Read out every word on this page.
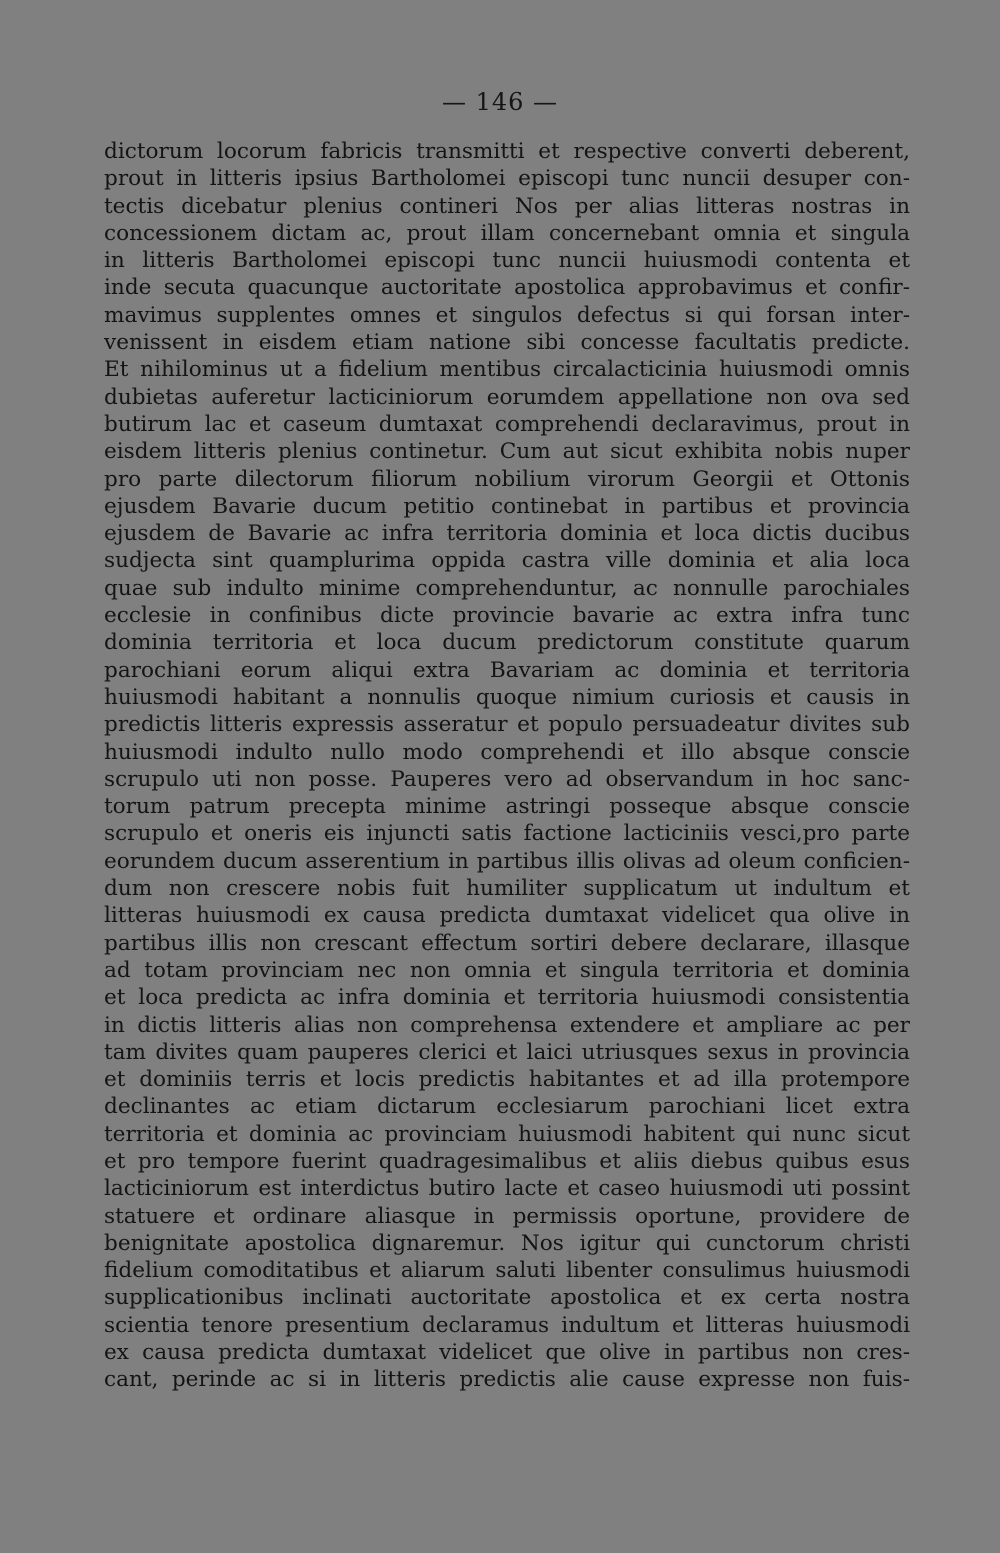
— 146 —
dictorum locorum fabricis transmitti et respective converti deberent,
prout in litteris ipsius Bartholomei episcopi tunc nuncii desuper con-
tectis dicebatur plenius contineri Nos per alias litteras nostras in
concessionem dictam ac, prout illam concernebant omnia et singula
in litteris Bartholomei episcopi tunc nuncii huiusmodi contenta et
inde secuta quacunque auctoritate apostolica approbavimus et confir-
mavimus supplentes omnes et singulos defectus si qui forsan inter-
venissent in eisdem etiam natione sibi concesse facultatis predicte.
Et nihilominus ut a fidelium mentibus circalacticinia huiusmodi omnis
dubietas auferetur lacticiniorum eorumdem appellatione non ova sed
butirum lac et caseum dumtaxat comprehendi declaravimus, prout in
eisdem litteris plenius continetur. Cum aut sicut exhibita nobis nuper
pro parte dilectorum filiorum nobilium virorum Georgii et Ottonis
ejusdem Bavarie ducum petitio continebat in partibus et provincia
ejusdem de Bavarie ac infra territoria dominia et loca dictis ducibus
sudjecta sint quamplurima oppida castra ville dominia et alia loca
quae sub indulto minime comprehenduntur, ac nonnulle parochiales
ecclesie in confinibus dicte provincie bavarie ac extra infra tunc
dominia territoria et loca ducum predictorum constitute quarum
parochiani eorum aliqui extra Bavariam ac dominia et territoria
huiusmodi habitant a nonnulis quoque nimium curiosis et causis in
predictis litteris expressis asseratur et populo persuadeatur divites sub
huiusmodi indulto nullo modo comprehendi et illo absque conscie
scrupulo uti non posse. Pauperes vero ad observandum in hoc sanc-
torum patrum precepta minime astringi posseque absque conscie
scrupulo et oneris eis injuncti satis factione lacticiniis vesci,pro parte
eorundem ducum asserentium in partibus illis olivas ad oleum conficien-
dum non crescere nobis fuit humiliter supplicatum ut indultum et
litteras huiusmodi ex causa predicta dumtaxat videlicet qua olive in
partibus illis non crescant effectum sortiri debere declarare, illasque
ad totam provinciam nec non omnia et singula territoria et dominia
et loca predicta ac infra dominia et territoria huiusmodi consistentia
in dictis litteris alias non comprehensa extendere et ampliare ac per
tam divites quam pauperes clerici et laici utriusques sexus in provincia
et dominiis terris et locis predictis habitantes et ad illa protempore
declinantes ac etiam dictarum ecclesiarum parochiani licet extra
territoria et dominia ac provinciam huiusmodi habitent qui nunc sicut
et pro tempore fuerint quadragesimalibus et aliis diebus quibus esus
lacticiniorum est interdictus butiro lacte et caseo huiusmodi uti possint
statuere et ordinare aliasque in permissis oportune, providere de
benignitate apostolica dignaremur. Nos igitur qui cunctorum christi
fidelium comoditatibus et aliarum saluti libenter consulimus huiusmodi
supplicationibus inclinati auctoritate apostolica et ex certa nostra
scientia tenore presentium declaramus indultum et litteras huiusmodi
ex causa predicta dumtaxat videlicet que olive in partibus non cres-
cant, perinde ac si in litteris predictis alie cause expresse non fuis-
